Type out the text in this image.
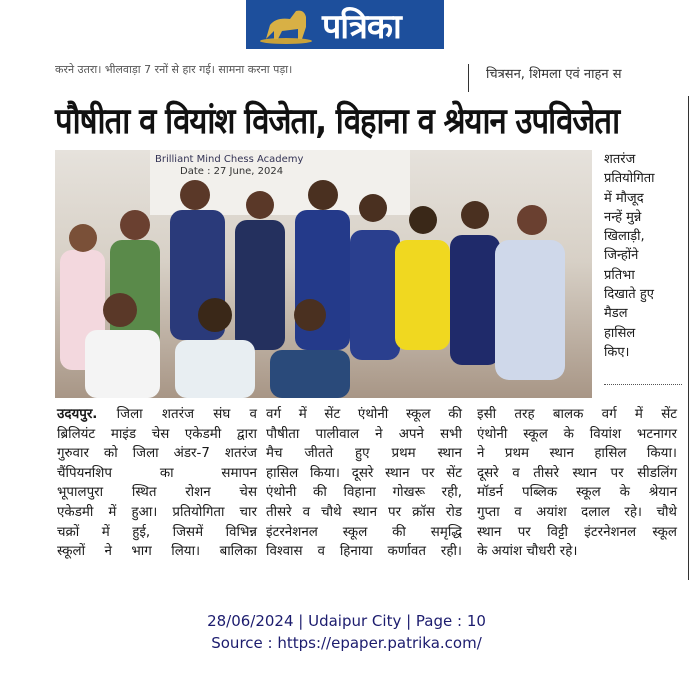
पत्रिका
करने उतरा। भीलवाड़ा 7 रनों से हार गई। सामना करना पड़ा।	चित्रसन, शिमला एवं नाहन स
पौषीता व वियांश विजेता, विहाना व श्रेयान उपविजेता
Brilliant Mind Chess Academy
Date : 27 June, 2024
शतरंज
प्रतियोगिता
में मौजूद
नन्हें मुन्ने
खिलाड़ी,
जिन्होंने
प्रतिभा
दिखाते हुए
मैडल
हासिल
किए।
उदयपुर. जिला शतरंज संघ व
ब्रिलियंट माइंड चेस एकेडमी द्वारा
गुरुवार को जिला अंडर-7 शतरंज
चैंपियनशिप का समापन
भूपालपुरा स्थित रोशन चेस
एकेडमी में हुआ। प्रतियोगिता चार
चक्रों में हुई, जिसमें विभिन्न
स्कूलों ने भाग लिया। बालिका
वर्ग में सेंट एंथोनी स्कूल की
पौषीता पालीवाल ने अपने सभी
मैच जीतते हुए प्रथम स्थान
हासिल किया। दूसरे स्थान पर सेंट
एंथोनी की विहाना गोखरू रही,
तीसरे व चौथे स्थान पर क्रॉस रोड
इंटरनेशनल स्कूल की समृद्धि
विश्वास व हिनाया कर्णावत रही।
इसी तरह बालक वर्ग में सेंट
एंथोनी स्कूल के वियांश भटनागर
ने प्रथम स्थान हासिल किया।
दूसरे व तीसरे स्थान पर सीडलिंग
मॉडर्न पब्लिक स्कूल के श्रेयान
गुप्ता व अयांश दलाल रहे। चौथे
स्थान पर विट्टी इंटरनेशनल स्कूल
के अयांश चौधरी रहे।
28/06/2024 | Udaipur City | Page : 10
Source : https://epaper.patrika.com/
